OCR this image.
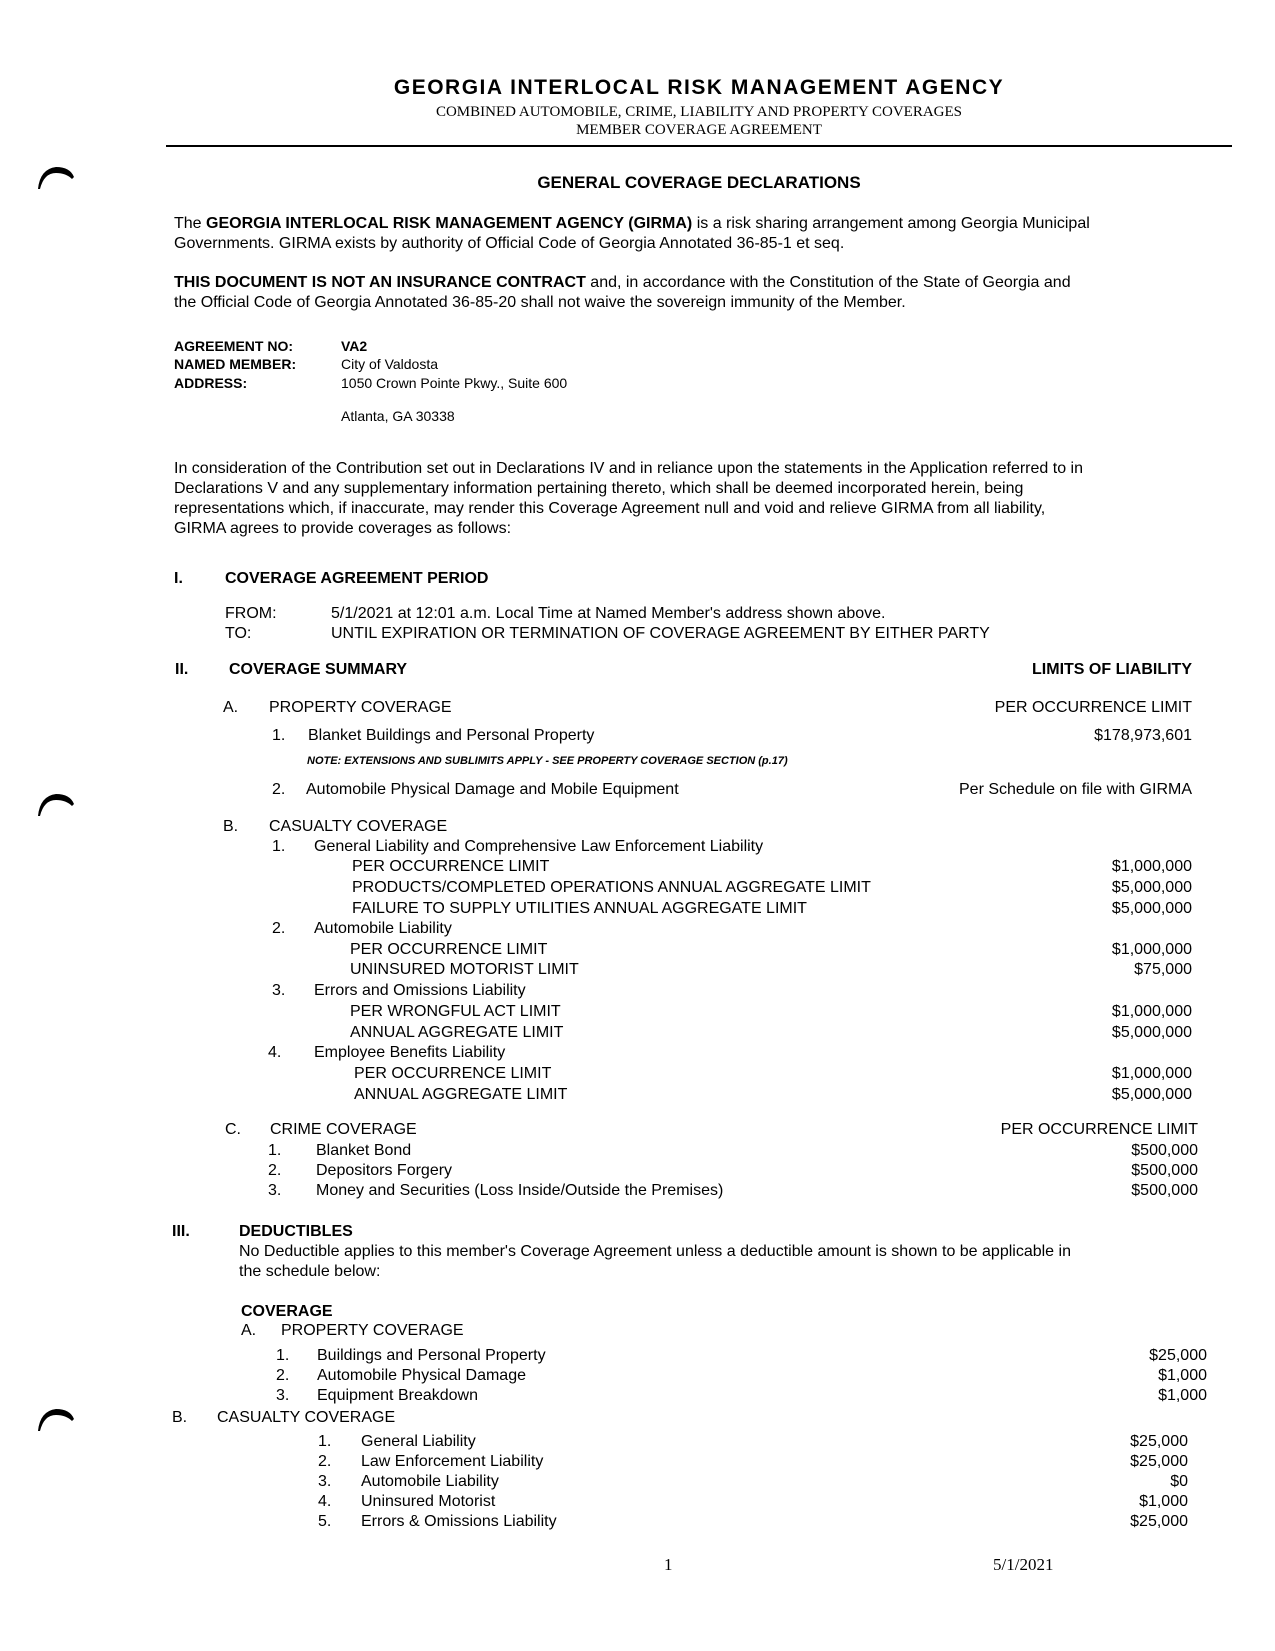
GEORGIA INTERLOCAL RISK MANAGEMENT AGENCY
COMBINED AUTOMOBILE, CRIME, LIABILITY AND PROPERTY COVERAGES
MEMBER COVERAGE AGREEMENT
GENERAL COVERAGE DECLARATIONS
The GEORGIA INTERLOCAL RISK MANAGEMENT AGENCY (GIRMA) is a risk sharing arrangement among Georgia Municipal
Governments. GIRMA exists by authority of Official Code of Georgia Annotated 36-85-1 et seq.
THIS DOCUMENT IS NOT AN INSURANCE CONTRACT and, in accordance with the Constitution of the State of Georgia and
the Official Code of Georgia Annotated 36-85-20 shall not waive the sovereign immunity of the Member.
AGREEMENT NO:	VA2
NAMED MEMBER:	City of Valdosta
ADDRESS:	1050 Crown Pointe Pkwy., Suite 600
Atlanta, GA 30338
In consideration of the Contribution set out in Declarations IV and in reliance upon the statements in the Application referred to in
Declarations V and any supplementary information pertaining thereto, which shall be deemed incorporated herein, being
representations which, if inaccurate, may render this Coverage Agreement null and void and relieve GIRMA from all liability,
GIRMA agrees to provide coverages as follows:
I.	COVERAGE AGREEMENT PERIOD
FROM:	5/1/2021 at 12:01 a.m. Local Time at Named Member's address shown above.
TO:	UNTIL EXPIRATION OR TERMINATION OF COVERAGE AGREEMENT BY EITHER PARTY
II.	COVERAGE SUMMARY	LIMITS OF LIABILITY
A. PROPERTY COVERAGE	PER OCCURRENCE LIMIT
1. Blanket Buildings and Personal Property	$178,973,601
NOTE: EXTENSIONS AND SUBLIMITS APPLY - SEE PROPERTY COVERAGE SECTION (p.17)
2. Automobile Physical Damage and Mobile Equipment	Per Schedule on file with GIRMA
B. CASUALTY COVERAGE
1. General Liability and Comprehensive Law Enforcement Liability
PER OCCURRENCE LIMIT	$1,000,000
PRODUCTS/COMPLETED OPERATIONS ANNUAL AGGREGATE LIMIT	$5,000,000
FAILURE TO SUPPLY UTILITIES ANNUAL AGGREGATE LIMIT	$5,000,000
2. Automobile Liability
PER OCCURRENCE LIMIT	$1,000,000
UNINSURED MOTORIST LIMIT	$75,000
3. Errors and Omissions Liability
PER WRONGFUL ACT LIMIT	$1,000,000
ANNUAL AGGREGATE LIMIT	$5,000,000
4. Employee Benefits Liability
PER OCCURRENCE LIMIT	$1,000,000
ANNUAL AGGREGATE LIMIT	$5,000,000
C. CRIME COVERAGE	PER OCCURRENCE LIMIT
1. Blanket Bond	$500,000
2. Depositors Forgery	$500,000
3. Money and Securities (Loss Inside/Outside the Premises)	$500,000
III.	DEDUCTIBLES
No Deductible applies to this member's Coverage Agreement unless a deductible amount is shown to be applicable in
the schedule below:
COVERAGE
A. PROPERTY COVERAGE
1. Buildings and Personal Property	$25,000
2. Automobile Physical Damage	$1,000
3. Equipment Breakdown	$1,000
B. CASUALTY COVERAGE
1. General Liability	$25,000
2. Law Enforcement Liability	$25,000
3. Automobile Liability	$0
4. Uninsured Motorist	$1,000
5. Errors & Omissions Liability	$25,000
1	5/1/2021
